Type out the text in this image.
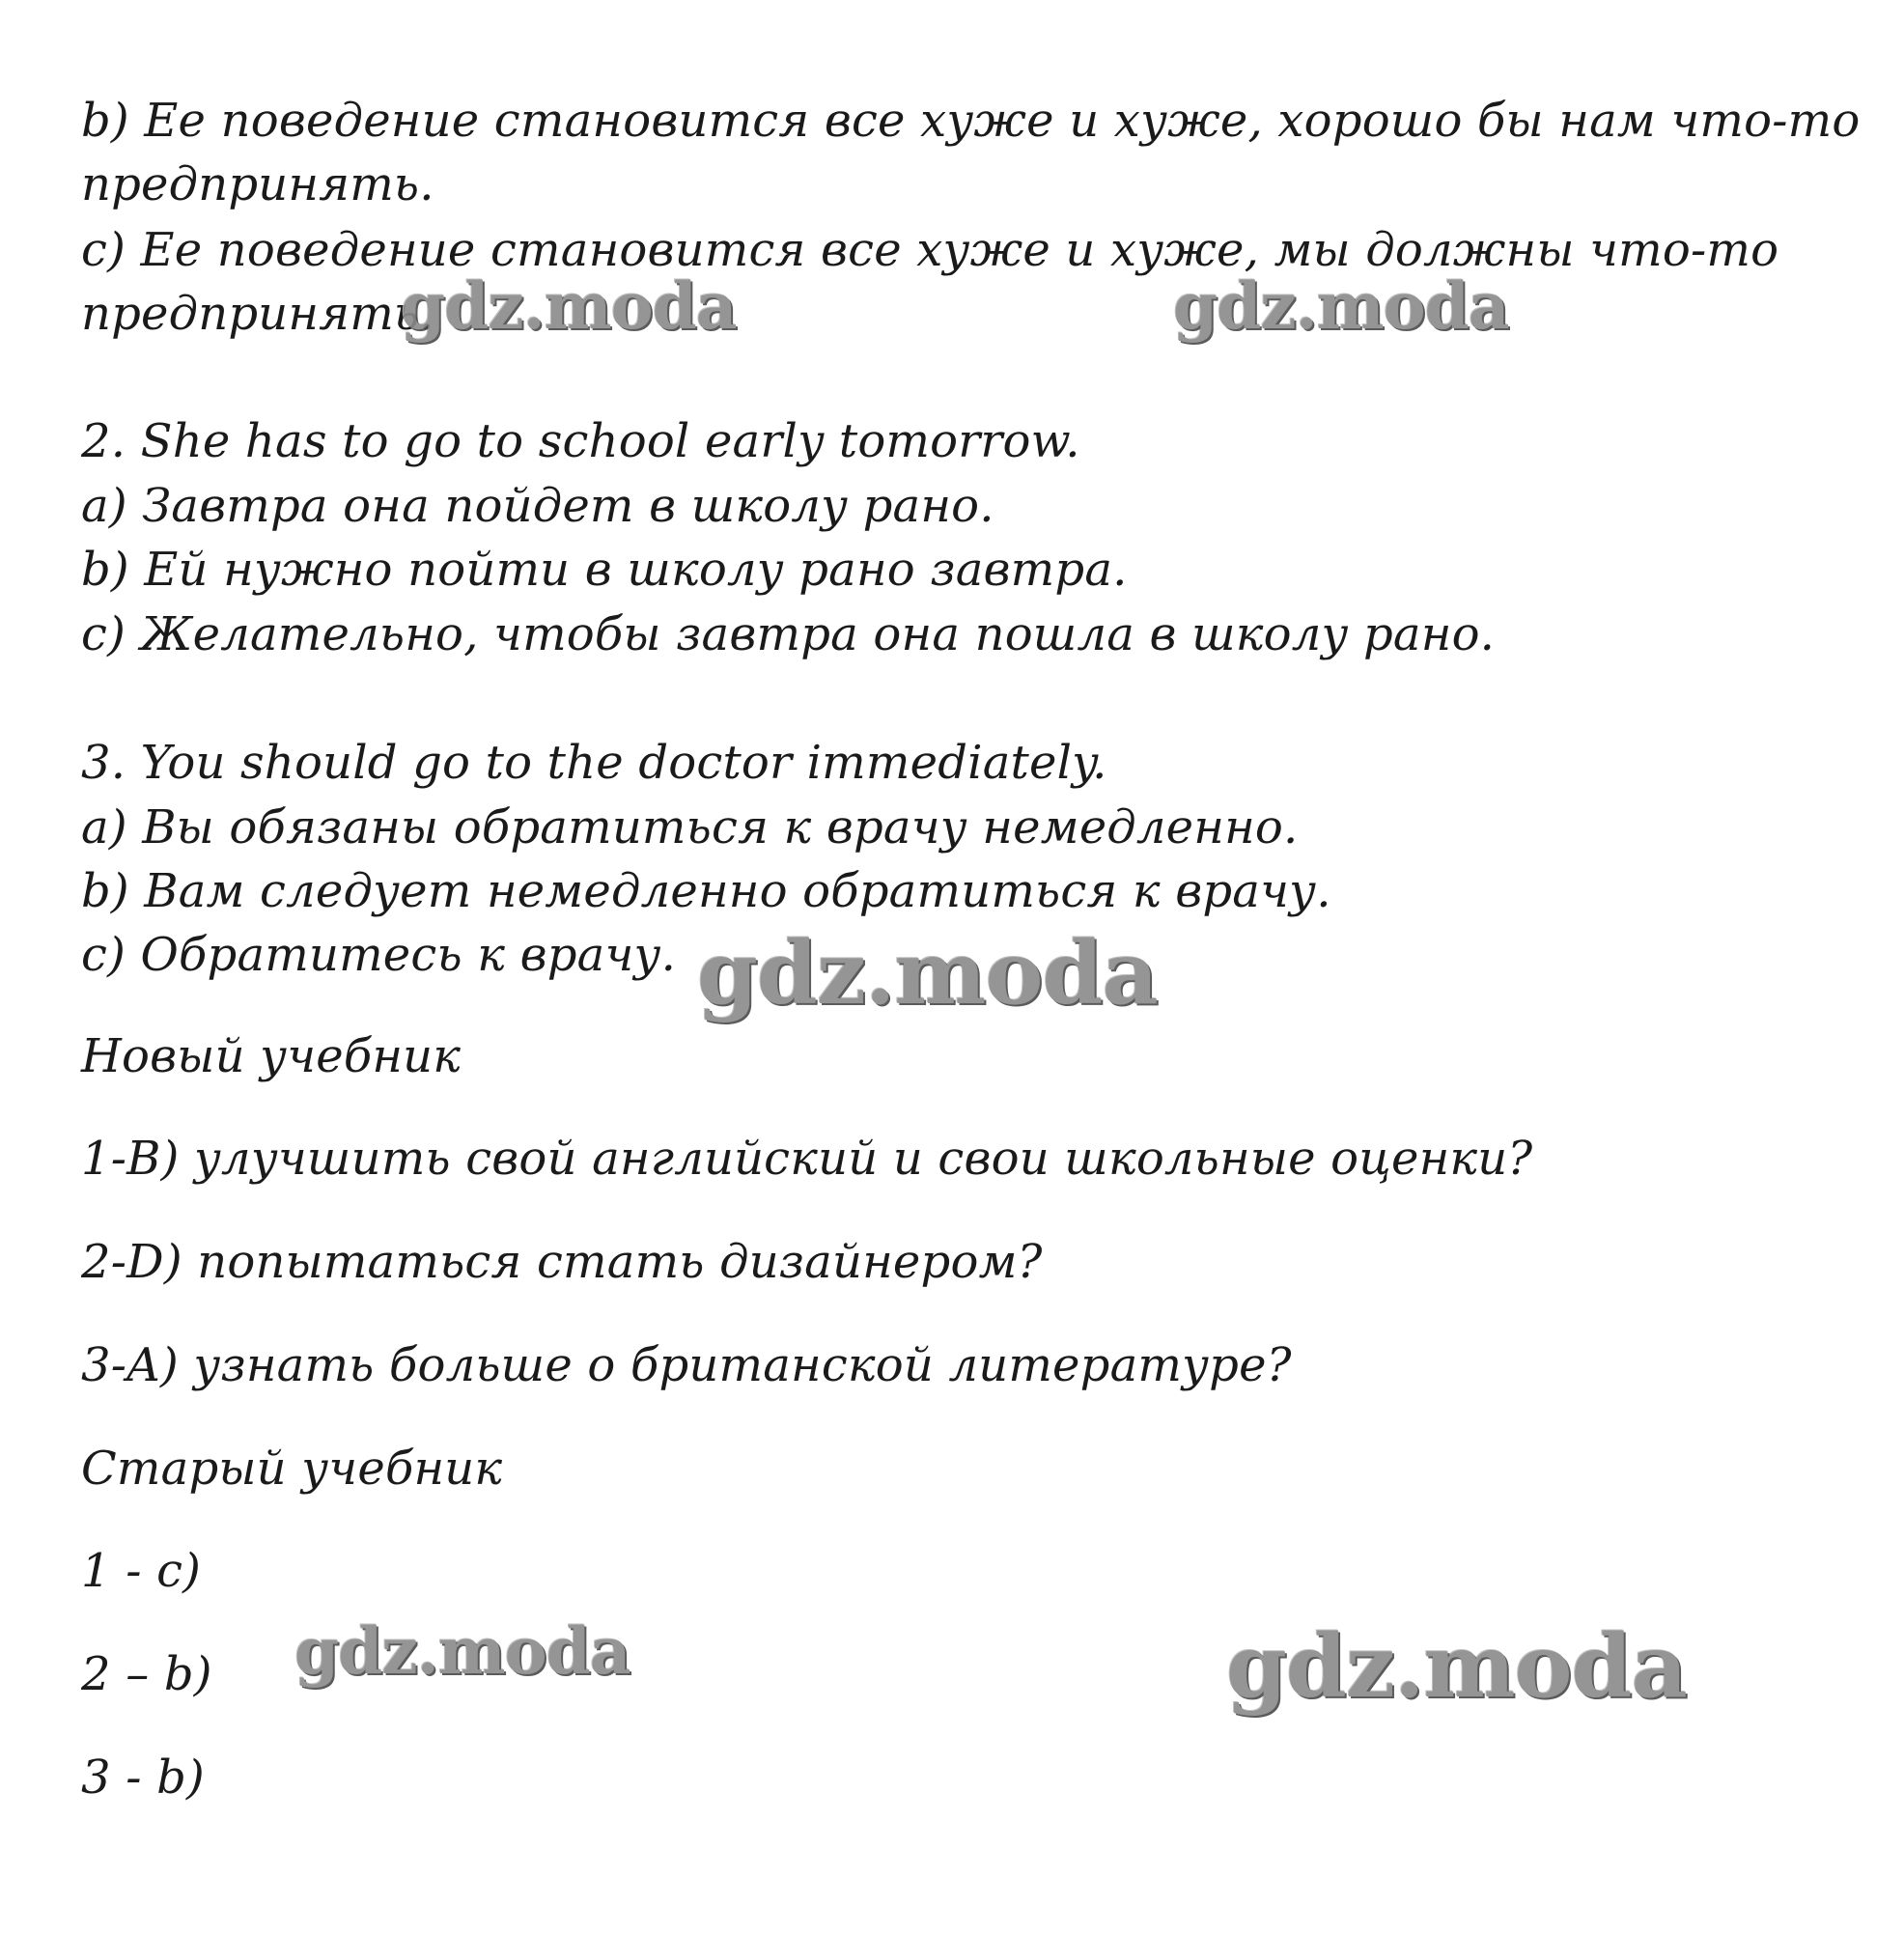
b) Ее поведение становится все хуже и хуже, хорошо бы нам что-то
предпринять.
c) Ее поведение становится все хуже и хуже, мы должны что-то
предпринять.
2. She has to go to school early tomorrow.
a) Завтра она пойдет в школу рано.
b) Ей нужно пойти в школу рано завтра.
c) Желательно, чтобы завтра она пошла в школу рано.
3. You should go to the doctor immediately.
a) Вы обязаны обратиться к врачу немедленно.
b) Вам следует немедленно обратиться к врачу.
c) Обратитесь к врачу.
Новый учебник
1-B) улучшить свой английский и свои школьные оценки?
2-D) попытаться стать дизайнером?
3-A) узнать больше о британской литературе?
Старый учебник
1 - c)
2 – b)
3 - b)
gdz.moda	gdz.moda
gdz.moda
gdz.moda	gdz.moda
